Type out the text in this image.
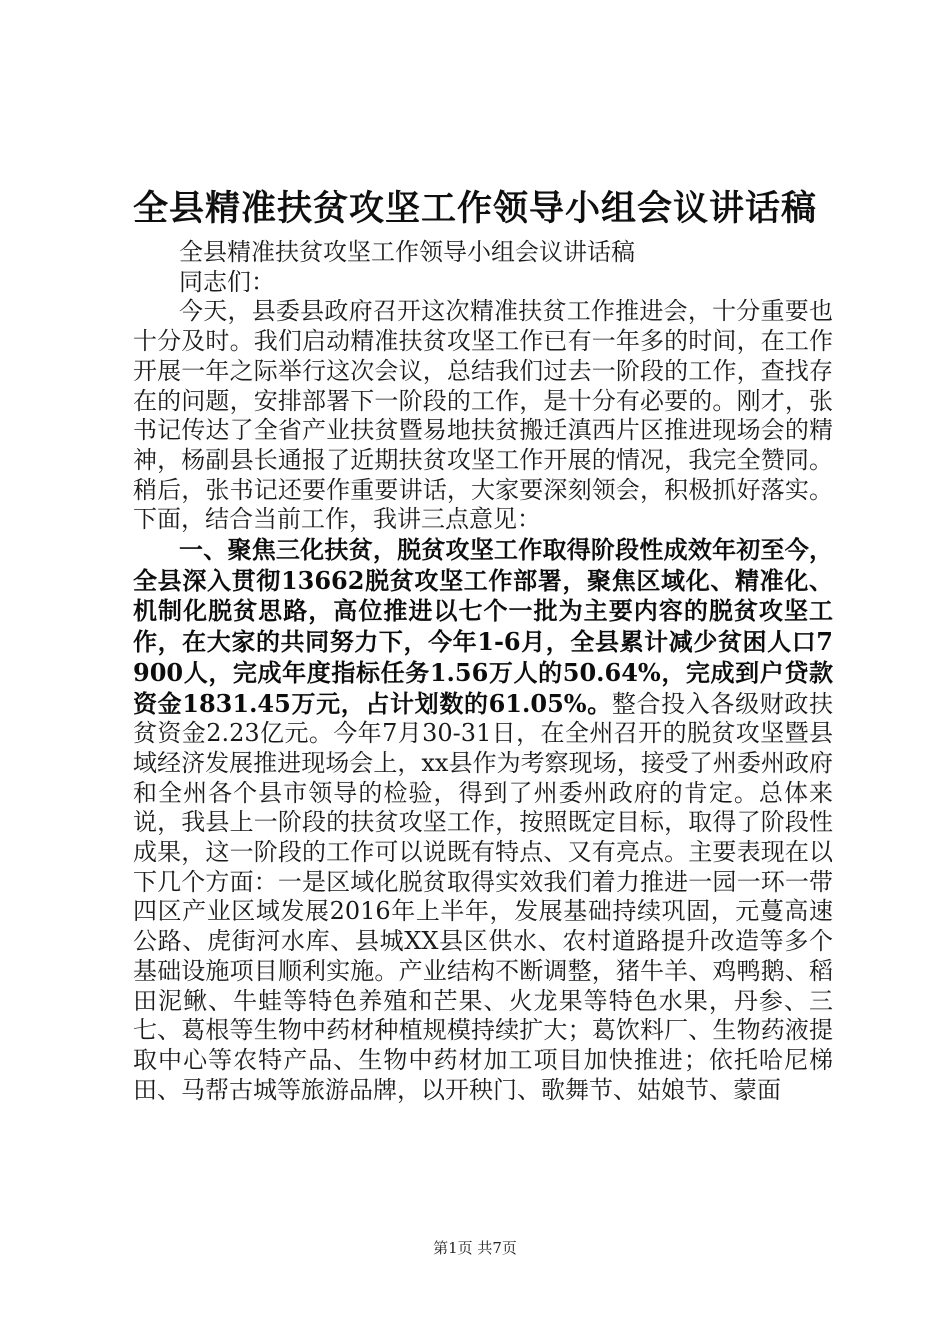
全县精准扶贫攻坚工作领导小组会议讲话稿

全县精准扶贫攻坚工作领导小组会议讲话稿

同志们：

今天，县委县政府召开这次精准扶贫工作推进会，十分重要也十分及时。我们启动精准扶贫攻坚工作已有一年多的时间，在工作开展一年之际举行这次会议，总结我们过去一阶段的工作，查找存在的问题，安排部署下一阶段的工作，是十分有必要的。刚才，张书记传达了全省产业扶贫暨易地扶贫搬迁滇西片区推进现场会的精神，杨副县长通报了近期扶贫攻坚工作开展的情况，我完全赞同。稍后，张书记还要作重要讲话，大家要深刻领会，积极抓好落实。下面，结合当前工作，我讲三点意见：

一、聚焦三化扶贫，脱贫攻坚工作取得阶段性成效年初至今，全县深入贯彻13662脱贫攻坚工作部署，聚焦区域化、精准化、机制化脱贫思路，高位推进以七个一批为主要内容的脱贫攻坚工作，在大家的共同努力下，今年1-6月，全县累计减少贫困人口7900人，完成年度指标任务1.56万人的50.64%，完成到户贷款资金1831.45万元，占计划数的61.05%。整合投入各级财政扶贫资金2.23亿元。今年7月30-31日，在全州召开的脱贫攻坚暨县域经济发展推进现场会上，xx县作为考察现场，接受了州委州政府和全州各个县市领导的检验，得到了州委州政府的肯定。总体来说，我县上一阶段的扶贫攻坚工作，按照既定目标，取得了阶段性成果，这一阶段的工作可以说既有特点、又有亮点。主要表现在以下几个方面：一是区域化脱贫取得实效我们着力推进一园一环一带四区产业区域发展2016年上半年，发展基础持续巩固，元蔓高速公路、虎街河水库、县城XX县区供水、农村道路提升改造等多个基础设施项目顺利实施。产业结构不断调整，猪牛羊、鸡鸭鹅、稻田泥鳅、牛蛙等特色养殖和芒果、火龙果等特色水果，丹参、三七、葛根等生物中药材种植规模持续扩大；葛饮料厂、生物药液提取中心等农特产品、生物中药材加工项目加快推进；依托哈尼梯田、马帮古城等旅游品牌，以开秧门、歌舞节、姑娘节、蒙面

第1页 共7页
